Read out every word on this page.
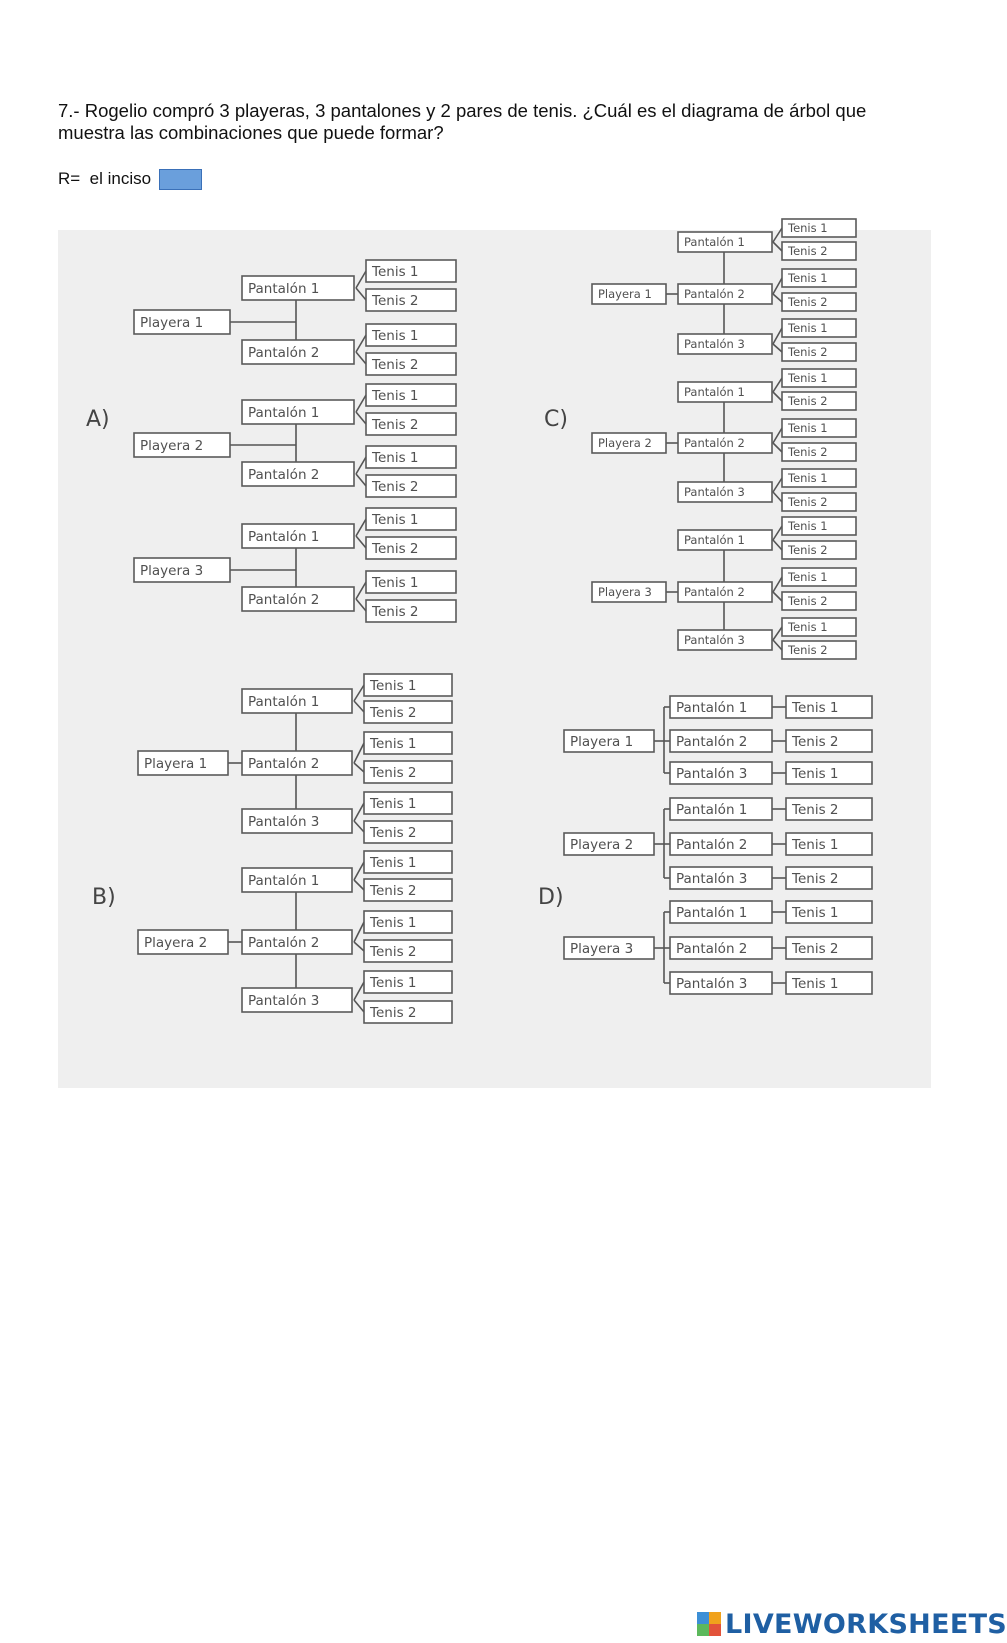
7.- Rogelio compró 3 playeras, 3 pantalones y 2 pares de tenis. ¿Cuál es el diagrama de árbol que muestra las combinaciones que puede formar?

R=  el inciso
Playera 1
Pantalón 1
Tenis 1
Tenis 2
Pantalón 2
Tenis 1
Tenis 2
Playera 2
Pantalón 1
Tenis 1
Tenis 2
Pantalón 2
Tenis 1
Tenis 2
Playera 3
Pantalón 1
Tenis 1
Tenis 2
Pantalón 2
Tenis 1
Tenis 2
Playera 1
Pantalón 1
Tenis 1
Tenis 2
Pantalón 2
Tenis 1
Tenis 2
Pantalón 3
Tenis 1
Tenis 2
Playera 2
Pantalón 1
Tenis 1
Tenis 2
Pantalón 2
Tenis 1
Tenis 2
Pantalón 3
Tenis 1
Tenis 2
Playera 3
Pantalón 1
Tenis 1
Tenis 2
Pantalón 2
Tenis 1
Tenis 2
Pantalón 3
Tenis 1
Tenis 2
Playera 1
Pantalón 1
Tenis 1
Tenis 2
Pantalón 2
Tenis 1
Tenis 2
Pantalón 3
Tenis 1
Tenis 2
Playera 2
Pantalón 1
Tenis 1
Tenis 2
Pantalón 2
Tenis 1
Tenis 2
Pantalón 3
Tenis 1
Tenis 2
Playera 1
Pantalón 1	Tenis 1
Pantalón 2	Tenis 2
Pantalón 3	Tenis 1
Playera 2
Pantalón 1	Tenis 2
Pantalón 2	Tenis 1
Pantalón 3	Tenis 2
Playera 3
Pantalón 1	Tenis 1
Pantalón 2	Tenis 2
Pantalón 3	Tenis 1
A)	C)
B)	D)
LIVEWORKSHEETS
